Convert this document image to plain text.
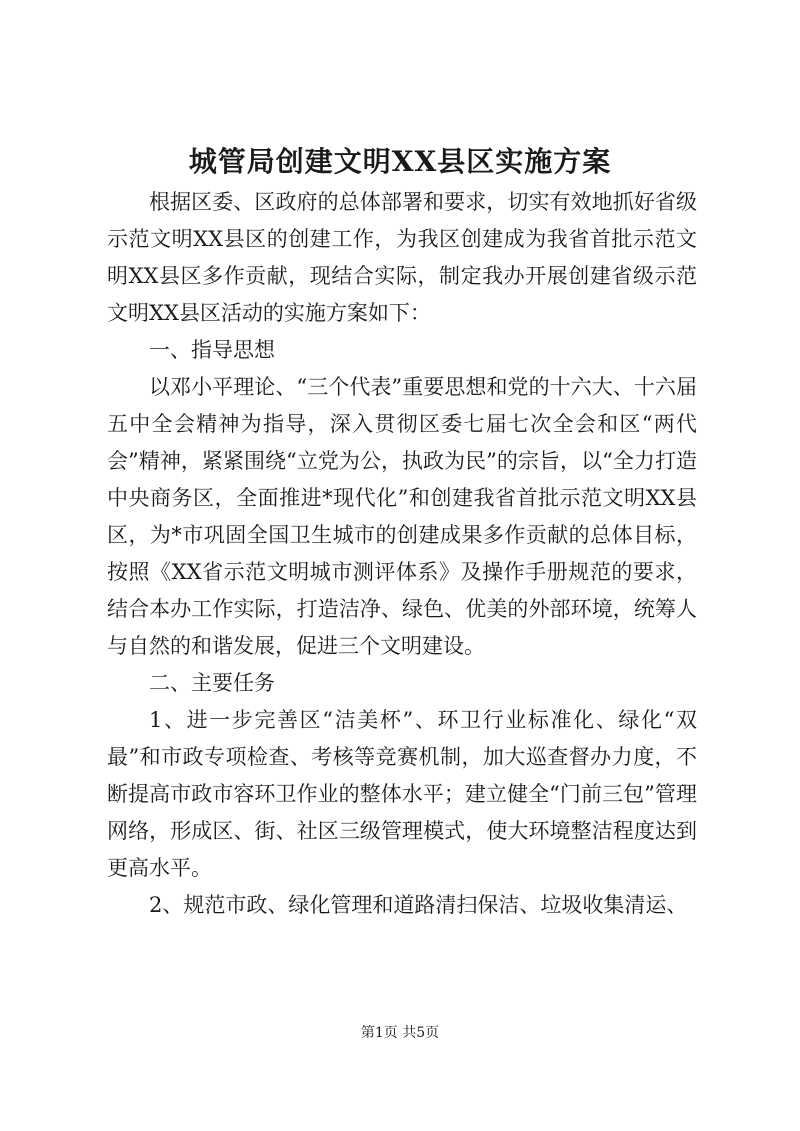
城管局创建文明XX县区实施方案

根据区委、区政府的总体部署和要求，切实有效地抓好省级示范文明XX县区的创建工作，为我区创建成为我省首批示范文明XX县区多作贡献，现结合实际，制定我办开展创建省级示范文明XX县区活动的实施方案如下：

一、指导思想

以邓小平理论、“三个代表”重要思想和党的十六大、十六届五中全会精神为指导，深入贯彻区委七届七次全会和区“两代会”精神，紧紧围绕“立党为公，执政为民”的宗旨，以“全力打造中央商务区，全面推进*现代化”和创建我省首批示范文明XX县区，为*市巩固全国卫生城市的创建成果多作贡献的总体目标，按照《XX省示范文明城市测评体系》及操作手册规范的要求，结合本办工作实际，打造洁净、绿色、优美的外部环境，统筹人与自然的和谐发展，促进三个文明建设。

二、主要任务

1、进一步完善区“洁美杯”、环卫行业标准化、绿化“双最”和市政专项检查、考核等竞赛机制，加大巡查督办力度，不断提高市政市容环卫作业的整体水平；建立健全“门前三包”管理网络，形成区、街、社区三级管理模式，使大环境整洁程度达到更高水平。

2、规范市政、绿化管理和道路清扫保洁、垃圾收集清运、

第1页 共5页
